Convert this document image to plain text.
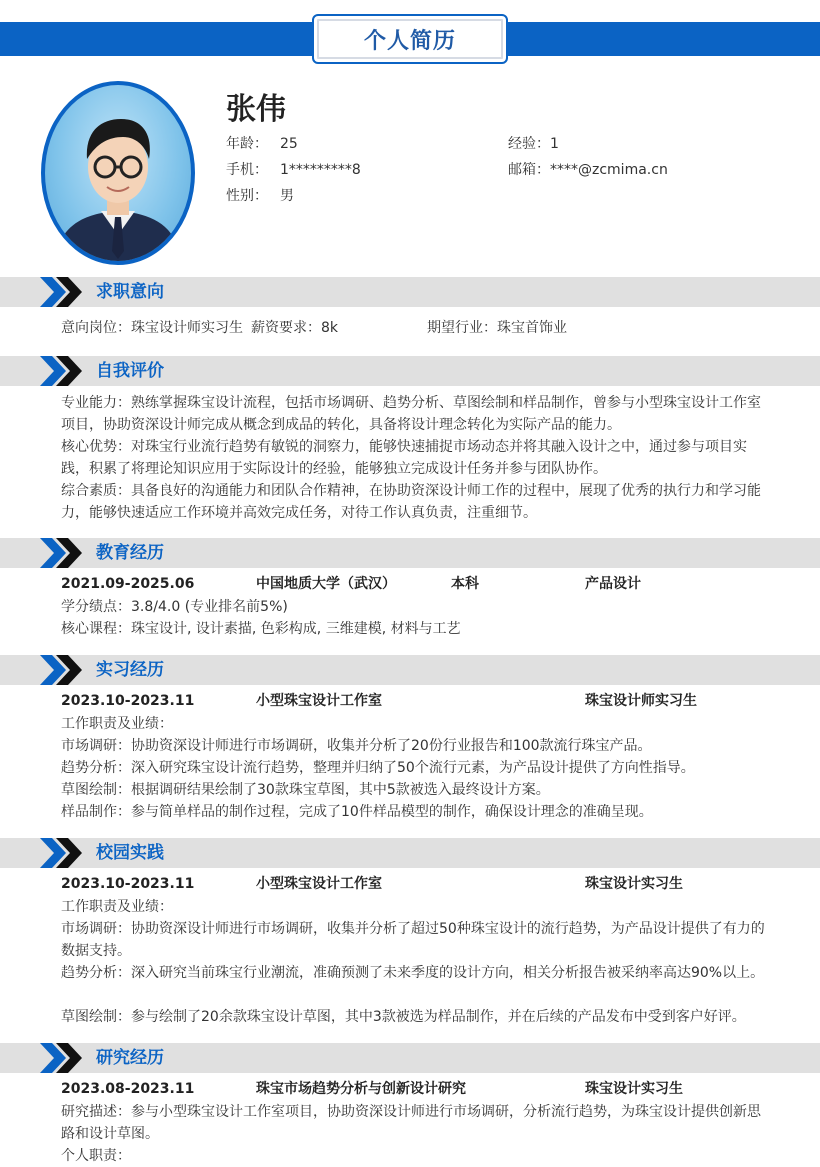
个人简历
张伟
年龄： 25	经验：1
手机： 1*********8	邮箱：****@zcmima.cn
性别： 男
求职意向
意向岗位：珠宝设计师实习生 薪资要求：8k	期望行业：珠宝首饰业
自我评价
专业能力：熟练掌握珠宝设计流程，包括市场调研、趋势分析、草图绘制和样品制作，曾参与小型珠宝设计工作室项目，协助资深设计师完成从概念到成品的转化，具备将设计理念转化为实际产品的能力。
核心优势：对珠宝行业流行趋势有敏锐的洞察力，能够快速捕捉市场动态并将其融入设计之中，通过参与项目实践，积累了将理论知识应用于实际设计的经验，能够独立完成设计任务并参与团队协作。
综合素质：具备良好的沟通能力和团队合作精神，在协助资深设计师工作的过程中，展现了优秀的执行力和学习能力，能够快速适应工作环境并高效完成任务，对待工作认真负责，注重细节。
教育经历
2021.09-2025.06	中国地质大学（武汉）	本科	产品设计
学分绩点：3.8/4.0 (专业排名前5%)
核心课程：珠宝设计, 设计素描, 色彩构成, 三维建模, 材料与工艺
实习经历
2023.10-2023.11	小型珠宝设计工作室	珠宝设计师实习生
工作职责及业绩：
市场调研：协助资深设计师进行市场调研，收集并分析了20份行业报告和100款流行珠宝产品。
趋势分析：深入研究珠宝设计流行趋势，整理并归纳了50个流行元素，为产品设计提供了方向性指导。
草图绘制：根据调研结果绘制了30款珠宝草图，其中5款被选入最终设计方案。
样品制作：参与简单样品的制作过程，完成了10件样品模型的制作，确保设计理念的准确呈现。
校园实践
2023.10-2023.11	小型珠宝设计工作室	珠宝设计实习生
工作职责及业绩：
市场调研：协助资深设计师进行市场调研，收集并分析了超过50种珠宝设计的流行趋势，为产品设计提供了有力的数据支持。
趋势分析：深入研究当前珠宝行业潮流，准确预测了未来季度的设计方向，相关分析报告被采纳率高达90%以上。
草图绘制：参与绘制了20余款珠宝设计草图，其中3款被选为样品制作，并在后续的产品发布中受到客户好评。
研究经历
2023.08-2023.11	珠宝市场趋势分析与创新设计研究	珠宝设计实习生
研究描述：参与小型珠宝设计工作室项目，协助资深设计师进行市场调研，分析流行趋势，为珠宝设计提供创新思路和设计草图。
个人职责：
